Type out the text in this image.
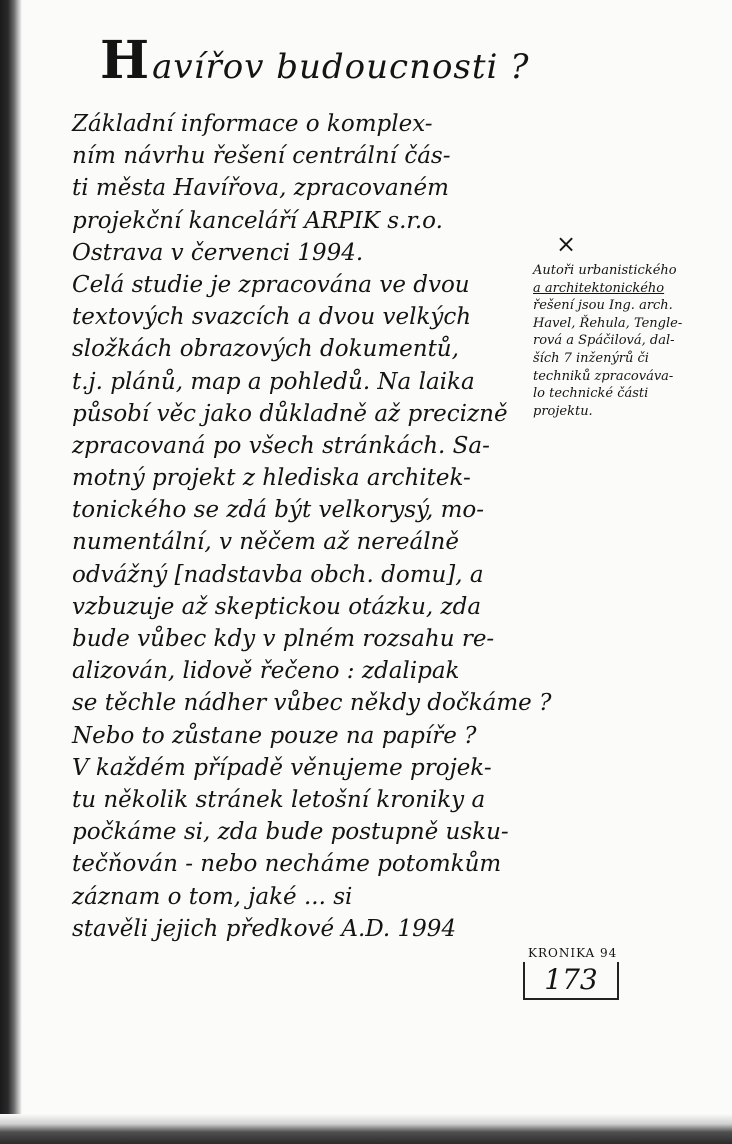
Havířov budoucnosti ?
Základní informace o komplex-
ním návrhu řešení centrální čás-
ti města Havířova, zpracovaném
projekční kanceláří ARPIK s.r.o.
Ostrava v červenci 1994.
Celá studie je zpracována ve dvou
textových svazcích a dvou velkých
složkách obrazových dokumentů,
t.j. plánů, map a pohledů. Na laika
působí věc jako důkladně až precizně
zpracovaná po všech stránkách. Sa-
motný projekt z hlediska architek-
tonického se zdá být velkorysý, mo-
numentální, v něčem až nereálně
odvážný [nadstavba obch. domu], a
vzbuzuje až skeptickou otázku, zda
bude vůbec kdy v plném rozsahu re-
alizován, lidově řečeno : zdalipak
se těchle nádher vůbec někdy dočkáme ?
Nebo to zůstane pouze na papíře ?
V každém případě věnujeme projek-
tu několik stránek letošní kroniky a
počkáme si, zda bude postupně usku-
tečňován - nebo necháme potomkům
záznam o tom, jaké ... si
stavěli jejich předkové A.D. 1994
×
Autoři urbanistického
a architektonického
řešení jsou Ing. arch.
Havel, Řehula, Tengle-
rová a Spáčilová, dal-
ších 7 inženýrů či
techniků zpracováva-
lo technické části
projektu.
KRONIKA 94
173
